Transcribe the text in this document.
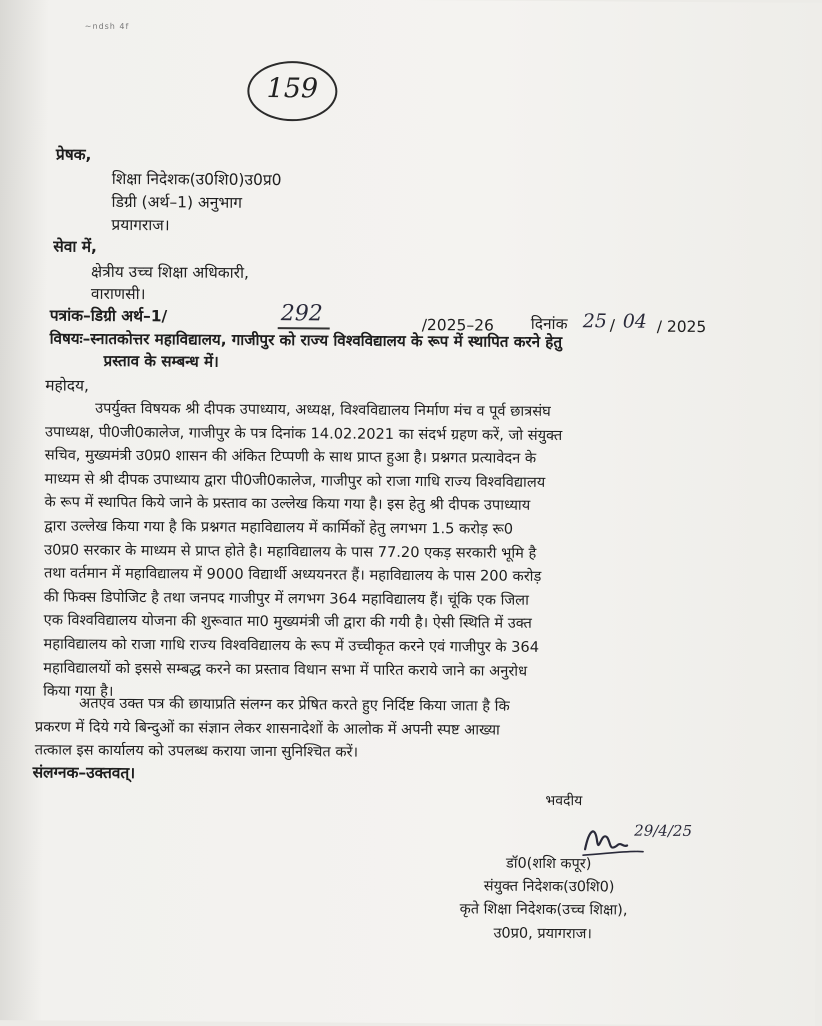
~ndsh 4f
159
प्रेषक,
शिक्षा निदेशक(उ0शि0)उ0प्र0
डिग्री (अर्थ–1) अनुभाग
प्रयागराज।
सेवा में,
क्षेत्रीय उच्च शिक्षा अधिकारी,
वाराणसी।
पत्रांक–डिग्री अर्थ–1/	292	/2025–26 दिनांक 25 / 04 / 2025
विषयः–स्नातकोत्तर महाविद्यालय, गाजीपुर को राज्य विश्वविद्यालय के रूप में स्थापित करने हेतु
प्रस्ताव के सम्बन्ध में।
महोदय,
उपर्युक्त विषयक श्री दीपक उपाध्याय, अध्यक्ष, विश्वविद्यालय निर्माण मंच व पूर्व छात्रसंघ
उपाध्यक्ष, पी0जी0कालेज, गाजीपुर के पत्र दिनांक 14.02.2021 का संदर्भ ग्रहण करें, जो संयुक्त
सचिव, मुख्यमंत्री उ0प्र0 शासन की अंकित टिप्पणी के साथ प्राप्त हुआ है। प्रश्नगत प्रत्यावेदन के
माध्यम से श्री दीपक उपाध्याय द्वारा पी0जी0कालेज, गाजीपुर को राजा गाधि राज्य विश्वविद्यालय
के रूप में स्थापित किये जाने के प्रस्ताव का उल्लेख किया गया है। इस हेतु श्री दीपक उपाध्याय
द्वारा उल्लेख किया गया है कि प्रश्नगत महाविद्यालय में कार्मिकों हेतु लगभग 1.5 करोड़ रू0
उ0प्र0 सरकार के माध्यम से प्राप्त होते है। महाविद्यालय के पास 77.20 एकड़ सरकारी भूमि है
तथा वर्तमान में महाविद्यालय में 9000 विद्यार्थी अध्ययनरत हैं। महाविद्यालय के पास 200 करोड़
की फिक्स डिपोजिट है तथा जनपद गाजीपुर में लगभग 364 महाविद्यालय हैं। चूंकि एक जिला
एक विश्वविद्यालय योजना की शुरूवात मा0 मुख्यमंत्री जी द्वारा की गयी है। ऐसी स्थिति में उक्त
महाविद्यालय को राजा गाधि राज्य विश्वविद्यालय के रूप में उच्चीकृत करने एवं गाजीपुर के 364
महाविद्यालयों को इससे सम्बद्ध करने का प्रस्ताव विधान सभा में पारित कराये जाने का अनुरोध
किया गया है।
अतएव उक्त पत्र की छायाप्रति संलग्न कर प्रेषित करते हुए निर्दिष्ट किया जाता है कि
प्रकरण में दिये गये बिन्दुओं का संज्ञान लेकर शासनादेशों के आलोक में अपनी स्पष्ट आख्या
तत्काल इस कार्यालय को उपलब्ध कराया जाना सुनिश्चित करें।
संलग्नक–उक्तवत्।
भवदीय
29/4/25
डॉ0(शशि कपूर)
संयुक्त निदेशक(उ0शि0)
कृते शिक्षा निदेशक(उच्च शिक्षा),
उ0प्र0, प्रयागराज।
